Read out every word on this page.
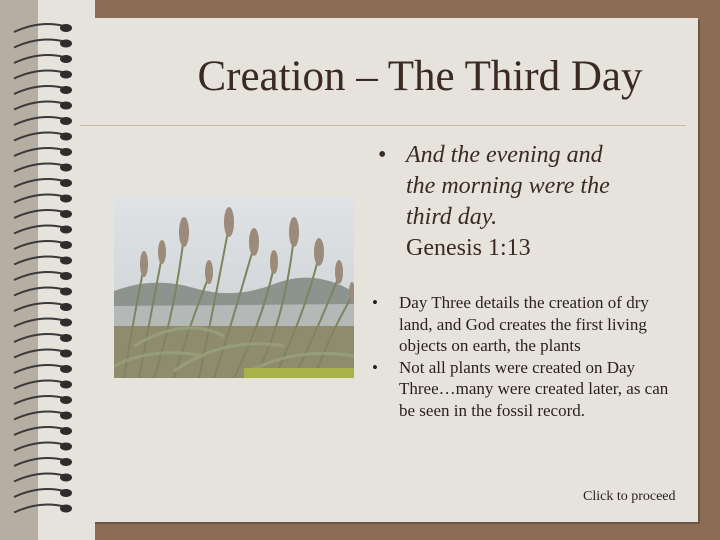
Creation – The Third Day
• And the evening and
the morning were the
third day.
Genesis 1:13
• Day Three details the creation of dry land, and God creates the first living objects on earth, the plants
• Not all plants were created on Day Three…many were created later, as can be seen in the fossil record.
Click to proceed
